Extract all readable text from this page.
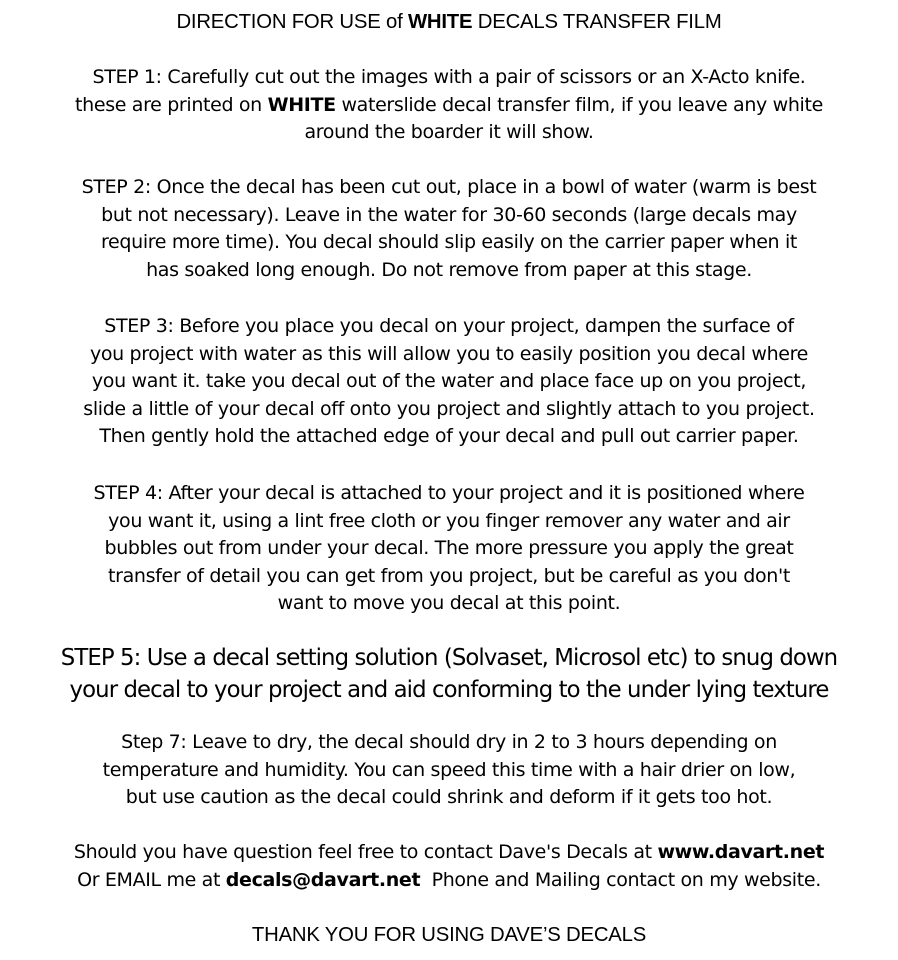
DIRECTION FOR USE of WHITE DECALS TRANSFER FILM
STEP 1: Carefully cut out the images with a pair of scissors or an X-Acto knife.
these are printed on WHITE waterslide decal transfer film, if you leave any white
around the boarder it will show.
STEP 2: Once the decal has been cut out, place in a bowl of water (warm is best
but not necessary). Leave in the water for 30-60 seconds (large decals may
require more time). You decal should slip easily on the carrier paper when it
has soaked long enough. Do not remove from paper at this stage.
STEP 3: Before you place you decal on your project, dampen the surface of
you project with water as this will allow you to easily position you decal where
you want it. take you decal out of the water and place face up on you project,
slide a little of your decal off onto you project and slightly attach to you project.
Then gently hold the attached edge of your decal and pull out carrier paper.
STEP 4: After your decal is attached to your project and it is positioned where
you want it, using a lint free cloth or you finger remover any water and air
bubbles out from under your decal. The more pressure you apply the great
transfer of detail you can get from you project, but be careful as you don't
want to move you decal at this point.
STEP 5: Use a decal setting solution (Solvaset, Microsol etc) to snug down
your decal to your project and aid conforming to the under lying texture
Step 7: Leave to dry, the decal should dry in 2 to 3 hours depending on
temperature and humidity. You can speed this time with a hair drier on low,
but use caution as the decal could shrink and deform if it gets too hot.
Should you have question feel free to contact Dave's Decals at www.davart.net
Or EMAIL me at decals@davart.net  Phone and Mailing contact on my website.
THANK YOU FOR USING DAVE’S DECALS
